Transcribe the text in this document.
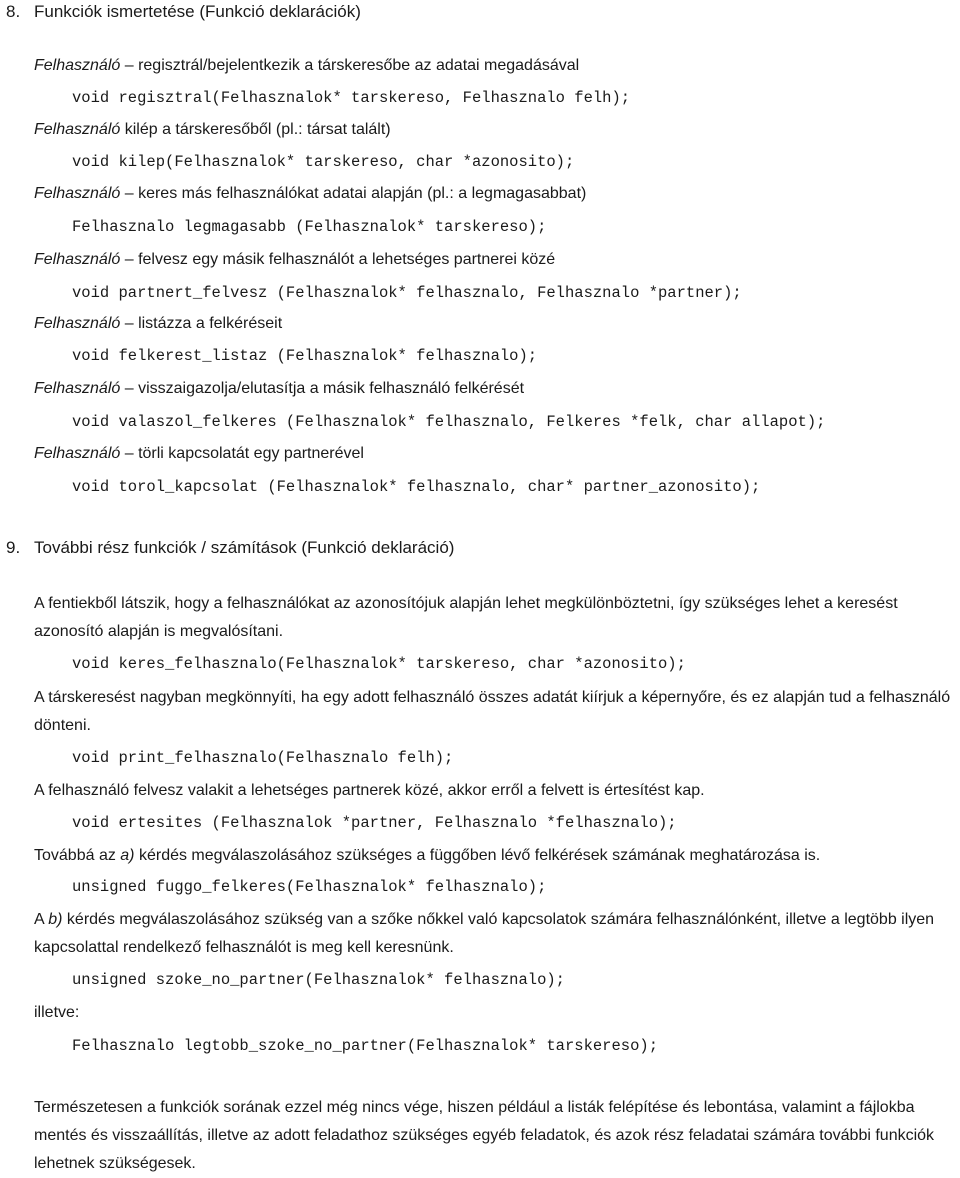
8. Funkciók ismertetése (Funkció deklarációk)
Felhasználó – regisztrál/bejelentkezik a társkeresőbe az adatai megadásával
void regisztral(Felhasznalok* tarskereso, Felhasznalo felh);
Felhasználó kilép a társkeresőből (pl.: társat talált)
void kilep(Felhasznalok* tarskereso, char *azonosito);
Felhasználó – keres más felhasználókat adatai alapján (pl.: a legmagasabbat)
Felhasznalo legmagasabb (Felhasznalok* tarskereso);
Felhasználó – felvesz egy másik felhasználót a lehetséges partnerei közé
void partnert_felvesz (Felhasznalok* felhasznalo, Felhasznalo *partner);
Felhasználó – listázza a felkéréseit
void felkerest_listaz (Felhasznalok* felhasznalo);
Felhasználó – visszaigazolja/elutasítja a másik felhasználó felkérését
void valaszol_felkeres (Felhasznalok* felhasznalo, Felkeres *felk, char allapot);
Felhasználó – törli kapcsolatát egy partnerével
void torol_kapcsolat (Felhasznalok* felhasznalo, char* partner_azonosito);
9. További rész funkciók / számítások (Funkció deklaráció)
A fentiekből látszik, hogy a felhasználókat az azonosítójuk alapján lehet megkülönböztetni, így szükséges lehet a keresést azonosító alapján is megvalósítani.
void keres_felhasznalo(Felhasznalok* tarskereso, char *azonosito);
A társkeresést nagyban megkönnyíti, ha egy adott felhasználó összes adatát kiírjuk a képernyőre, és ez alapján tud a felhasználó dönteni.
void print_felhasznalo(Felhasznalo felh);
A felhasználó felvesz valakit a lehetséges partnerek közé, akkor erről a felvett is értesítést kap.
void ertesites (Felhasznalok *partner, Felhasznalo *felhasznalo);
Továbbá az a) kérdés megválaszolásához szükséges a függőben lévő felkérések számának meghatározása is.
unsigned fuggo_felkeres(Felhasznalok* felhasznalo);
A b) kérdés megválaszolásához szükség van a szőke nőkkel való kapcsolatok számára felhasználónként, illetve a legtöbb ilyen kapcsolattal rendelkező felhasználót is meg kell keresnünk.
unsigned szoke_no_partner(Felhasznalok* felhasznalo);
illetve:
Felhasznalo legtobb_szoke_no_partner(Felhasznalok* tarskereso);
Természetesen a funkciók sorának ezzel még nincs vége, hiszen például a listák felépítése és lebontása, valamint a fájlokba mentés és visszaállítás, illetve az adott feladathoz szükséges egyéb feladatok, és azok rész feladatai számára további funkciók lehetnek szükségesek.
